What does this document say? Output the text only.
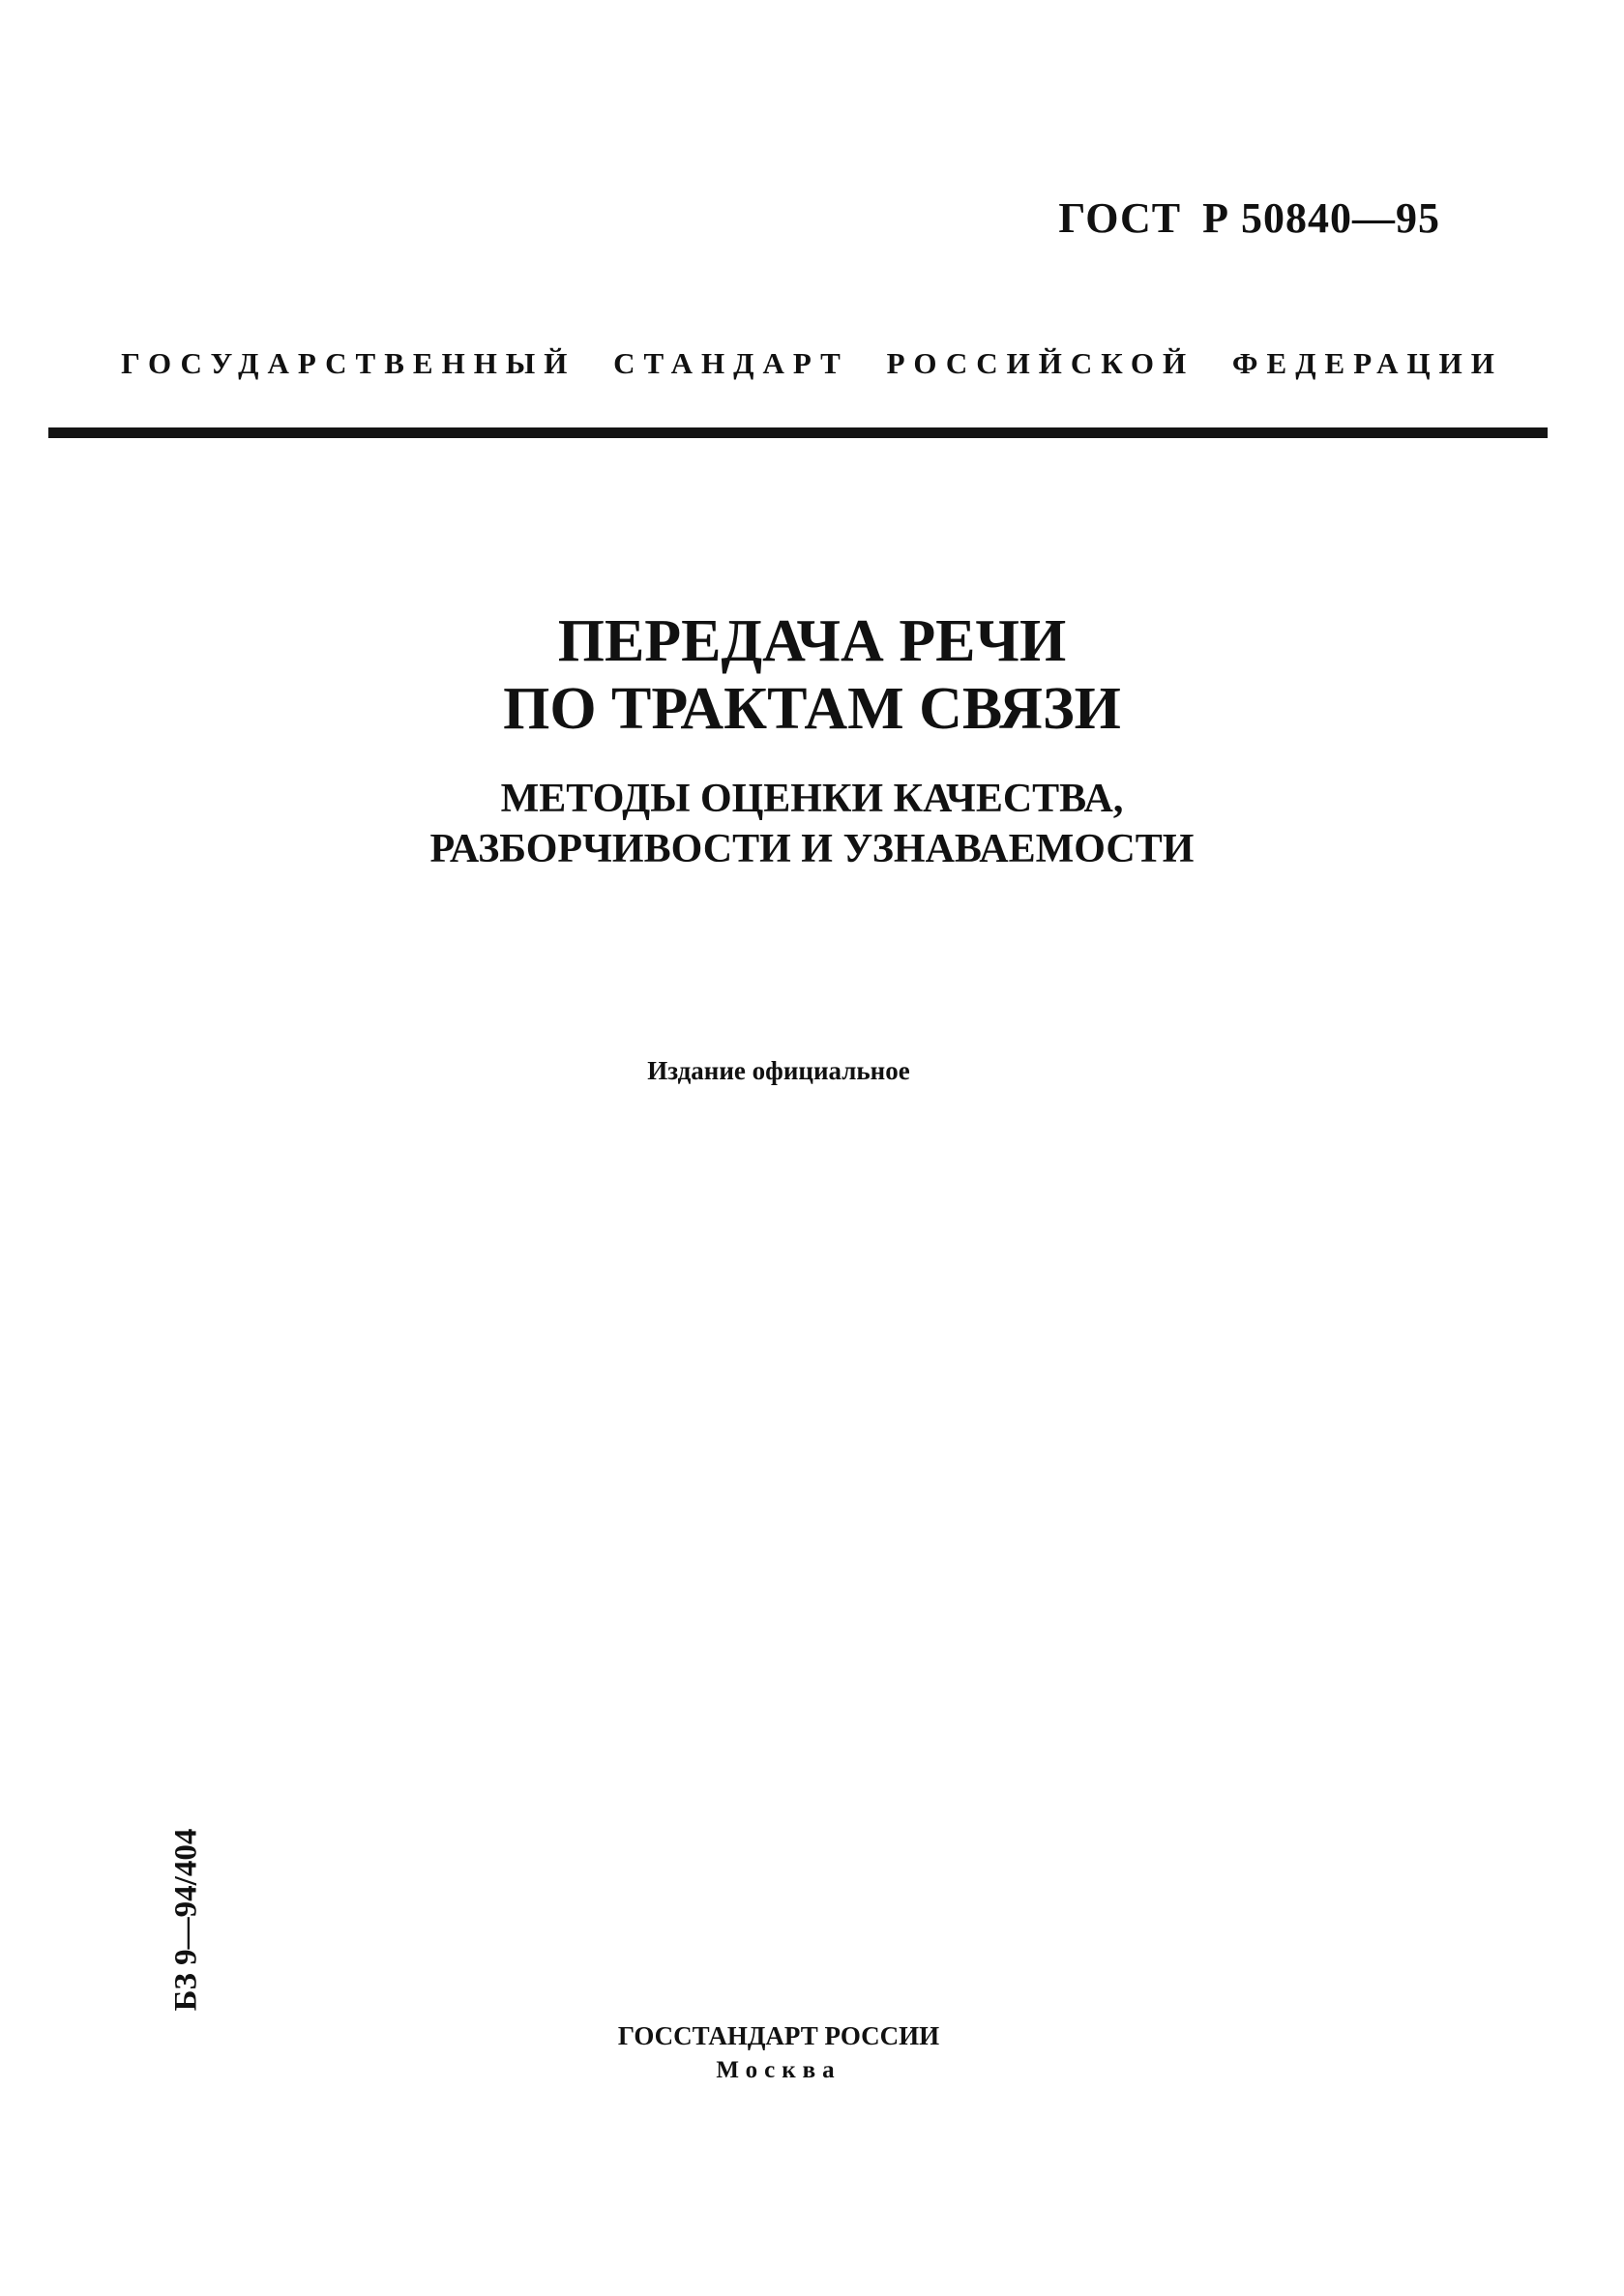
ГОСТ Р 50840—95
ГОСУДАРСТВЕННЫЙ СТАНДАРТ РОССИЙСКОЙ ФЕДЕРАЦИИ
ПЕРЕДАЧА РЕЧИ
ПО ТРАКТАМ СВЯЗИ
МЕТОДЫ ОЦЕНКИ КАЧЕСТВА,
РАЗБОРЧИВОСТИ И УЗНАВАЕМОСТИ
Издание официальное
БЗ 9—94/404
ГОССТАНДАРТ РОССИИ
Москва
